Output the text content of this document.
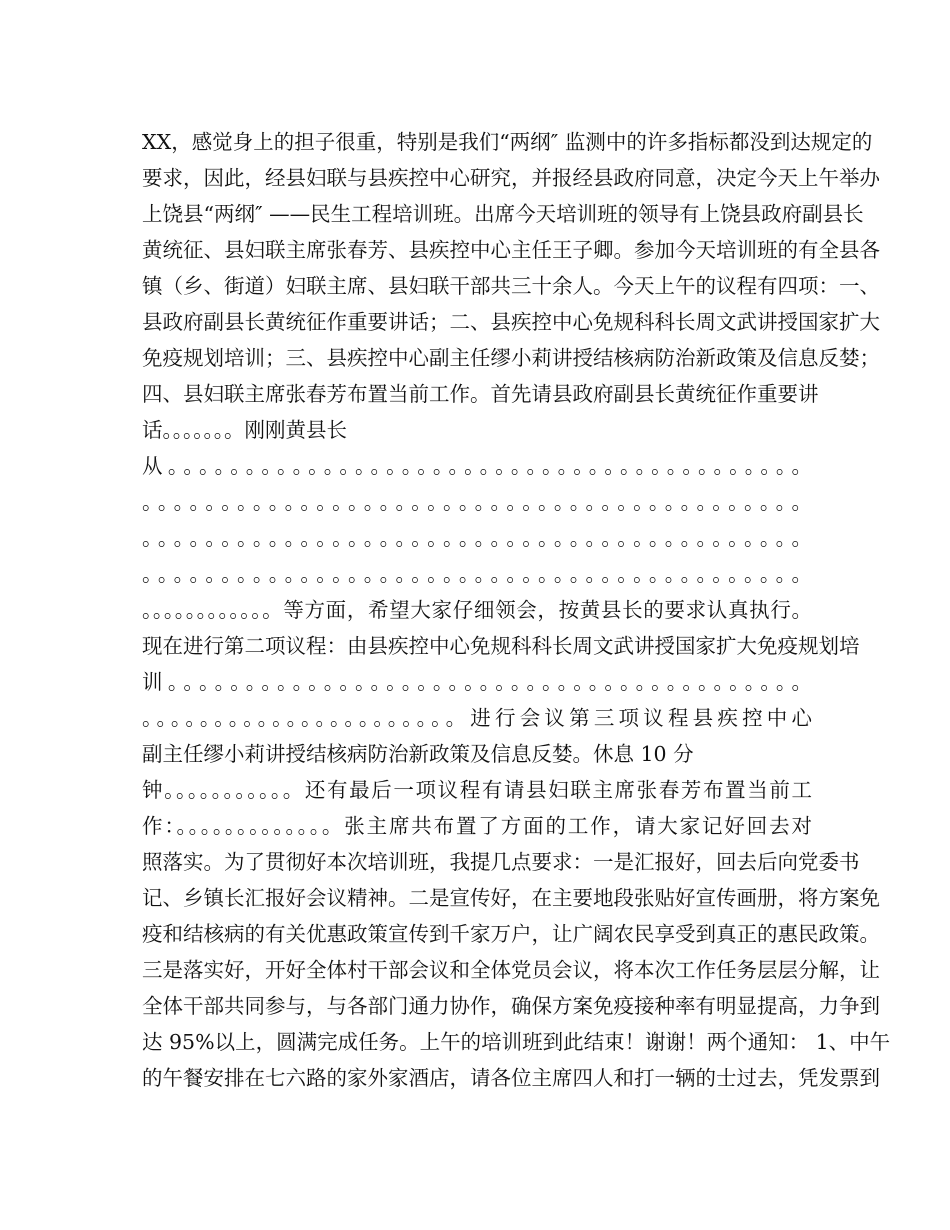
XX，感觉身上的担子很重，特别是我们“两纲″ 监测中的许多指标都没到达规定的
要求，因此，经县妇联与县疾控中心研究，并报经县政府同意，决定今天上午举办
上饶县“两纲″ ——民生工程培训班。出席今天培训班的领导有上饶县政府副县长
黄统征、县妇联主席张春芳、县疾控中心主任王子卿。参加今天培训班的有全县各
镇（乡、街道）妇联主席、县妇联干部共三十余人。今天上午的议程有四项：一、
县政府副县长黄统征作重要讲话；二、县疾控中心免规科科长周文武讲授国家扩大
免疫规划培训；三、县疾控中心副主任缪小莉讲授结核病防治新政策及信息反婪；
四、县妇联主席张春芳布置当前工作。首先请县政府副县长黄统征作重要讲
话。。。。。。。刚刚黄县长
从。。。。。。。。。。。。。。。。。。。。。。。。。。。。。。。。。。。。。。。。。
。。。。。。。。。。。。。。。。。。。。。。。。。。。。。。。。。。。。。。。。。。
。。。。。。。。。。。。。。。。。。。。。。。。。。。。。。。。。。。。。。。。。。
。。。。。。。。。。。。。。。。。。。。。。。。。。。。。。。。。。。。。。。。。。
。。。。。。。。。。。。等方面，希望大家仔细领会，按黄县长的要求认真执行。
现在进行第二项议程：由县疾控中心免规科科长周文武讲授国家扩大免疫规划培
训。。。。。。。。。。。。。。。。。。。。。。。。。。。。。。。。。。。。。。。。。
。。。。。。。。。。。。。。。。。。。。。。进行会议第三项议程县疾控中心
副主任缪小莉讲授结核病防治新政策及信息反婪。休息 10 分
钟。。。。。。。。。。。还有最后一项议程有请县妇联主席张春芳布置当前工
作：。。。。。。。。。。。。。张主席共布置了方面的工作，请大家记好回去对
照落实。为了贯彻好本次培训班，我提几点要求：一是汇报好，回去后向党委书
记、乡镇长汇报好会议精神。二是宣传好，在主要地段张贴好宣传画册，将方案免
疫和结核病的有关优惠政策宣传到千家万户，让广阔农民享受到真正的惠民政策。
三是落实好，开好全体村干部会议和全体党员会议，将本次工作任务层层分解，让
全体干部共同参与，与各部门通力协作，确保方案免疫接种率有明显提高，力争到
达 95%以上，圆满完成任务。上午的培训班到此结束！谢谢！两个通知： 1、中午
的午餐安排在七六路的家外家酒店，请各位主席四人和打一辆的士过去，凭发票到
